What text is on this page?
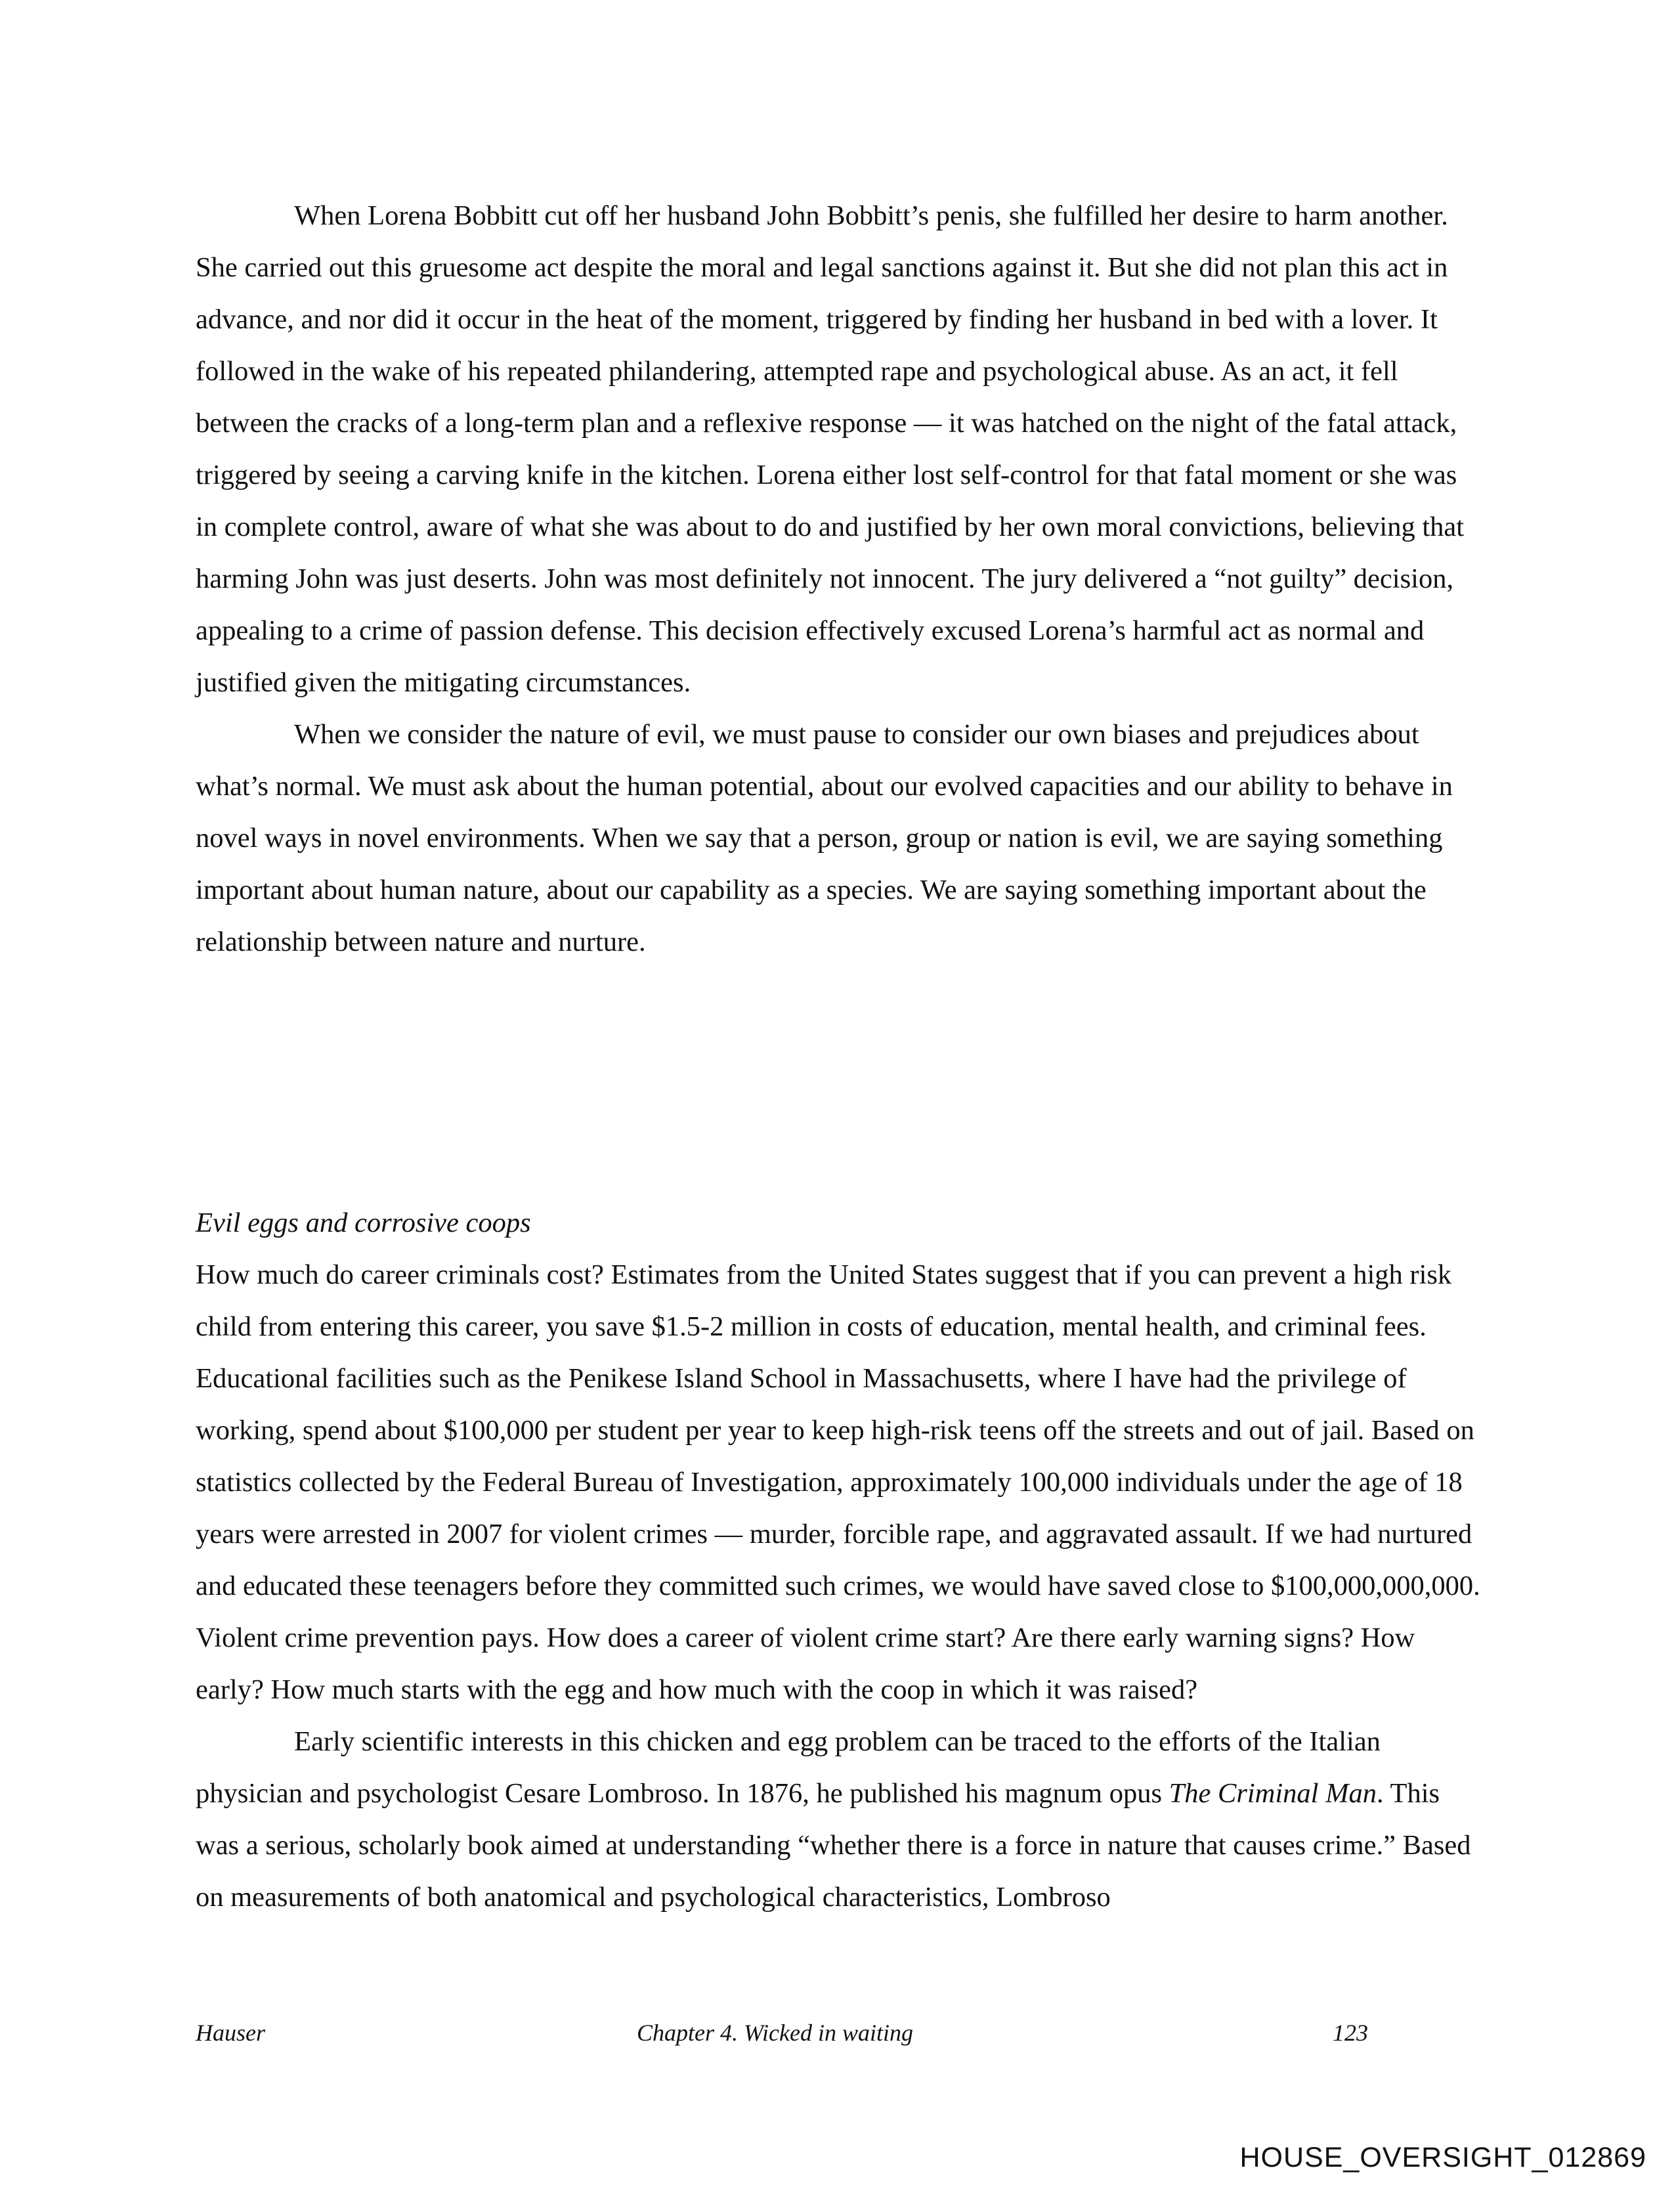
When Lorena Bobbitt cut off her husband John Bobbitt’s penis, she fulfilled her desire to harm another. She carried out this gruesome act despite the moral and legal sanctions against it. But she did not plan this act in advance, and nor did it occur in the heat of the moment, triggered by finding her husband in bed with a lover. It followed in the wake of his repeated philandering, attempted rape and psychological abuse. As an act, it fell between the cracks of a long-term plan and a reflexive response — it was hatched on the night of the fatal attack, triggered by seeing a carving knife in the kitchen. Lorena either lost self-control for that fatal moment or she was in complete control, aware of what she was about to do and justified by her own moral convictions, believing that harming John was just deserts. John was most definitely not innocent. The jury delivered a “not guilty” decision, appealing to a crime of passion defense. This decision effectively excused Lorena’s harmful act as normal and justified given the mitigating circumstances.

When we consider the nature of evil, we must pause to consider our own biases and prejudices about what’s normal. We must ask about the human potential, about our evolved capacities and our ability to behave in novel ways in novel environments. When we say that a person, group or nation is evil, we are saying something important about human nature, about our capability as a species. We are saying something important about the relationship between nature and nurture.

Evil eggs and corrosive coops

How much do career criminals cost? Estimates from the United States suggest that if you can prevent a high risk child from entering this career, you save $1.5-2 million in costs of education, mental health, and criminal fees. Educational facilities such as the Penikese Island School in Massachusetts, where I have had the privilege of working, spend about $100,000 per student per year to keep high-risk teens off the streets and out of jail. Based on statistics collected by the Federal Bureau of Investigation, approximately 100,000 individuals under the age of 18 years were arrested in 2007 for violent crimes — murder, forcible rape, and aggravated assault. If we had nurtured and educated these teenagers before they committed such crimes, we would have saved close to $100,000,000,000. Violent crime prevention pays. How does a career of violent crime start? Are there early warning signs? How early? How much starts with the egg and how much with the coop in which it was raised?

Early scientific interests in this chicken and egg problem can be traced to the efforts of the Italian physician and psychologist Cesare Lombroso. In 1876, he published his magnum opus The Criminal Man. This was a serious, scholarly book aimed at understanding “whether there is a force in nature that causes crime.” Based on measurements of both anatomical and psychological characteristics, Lombroso

Hauser	Chapter 4. Wicked in waiting	123
HOUSE_OVERSIGHT_012869
